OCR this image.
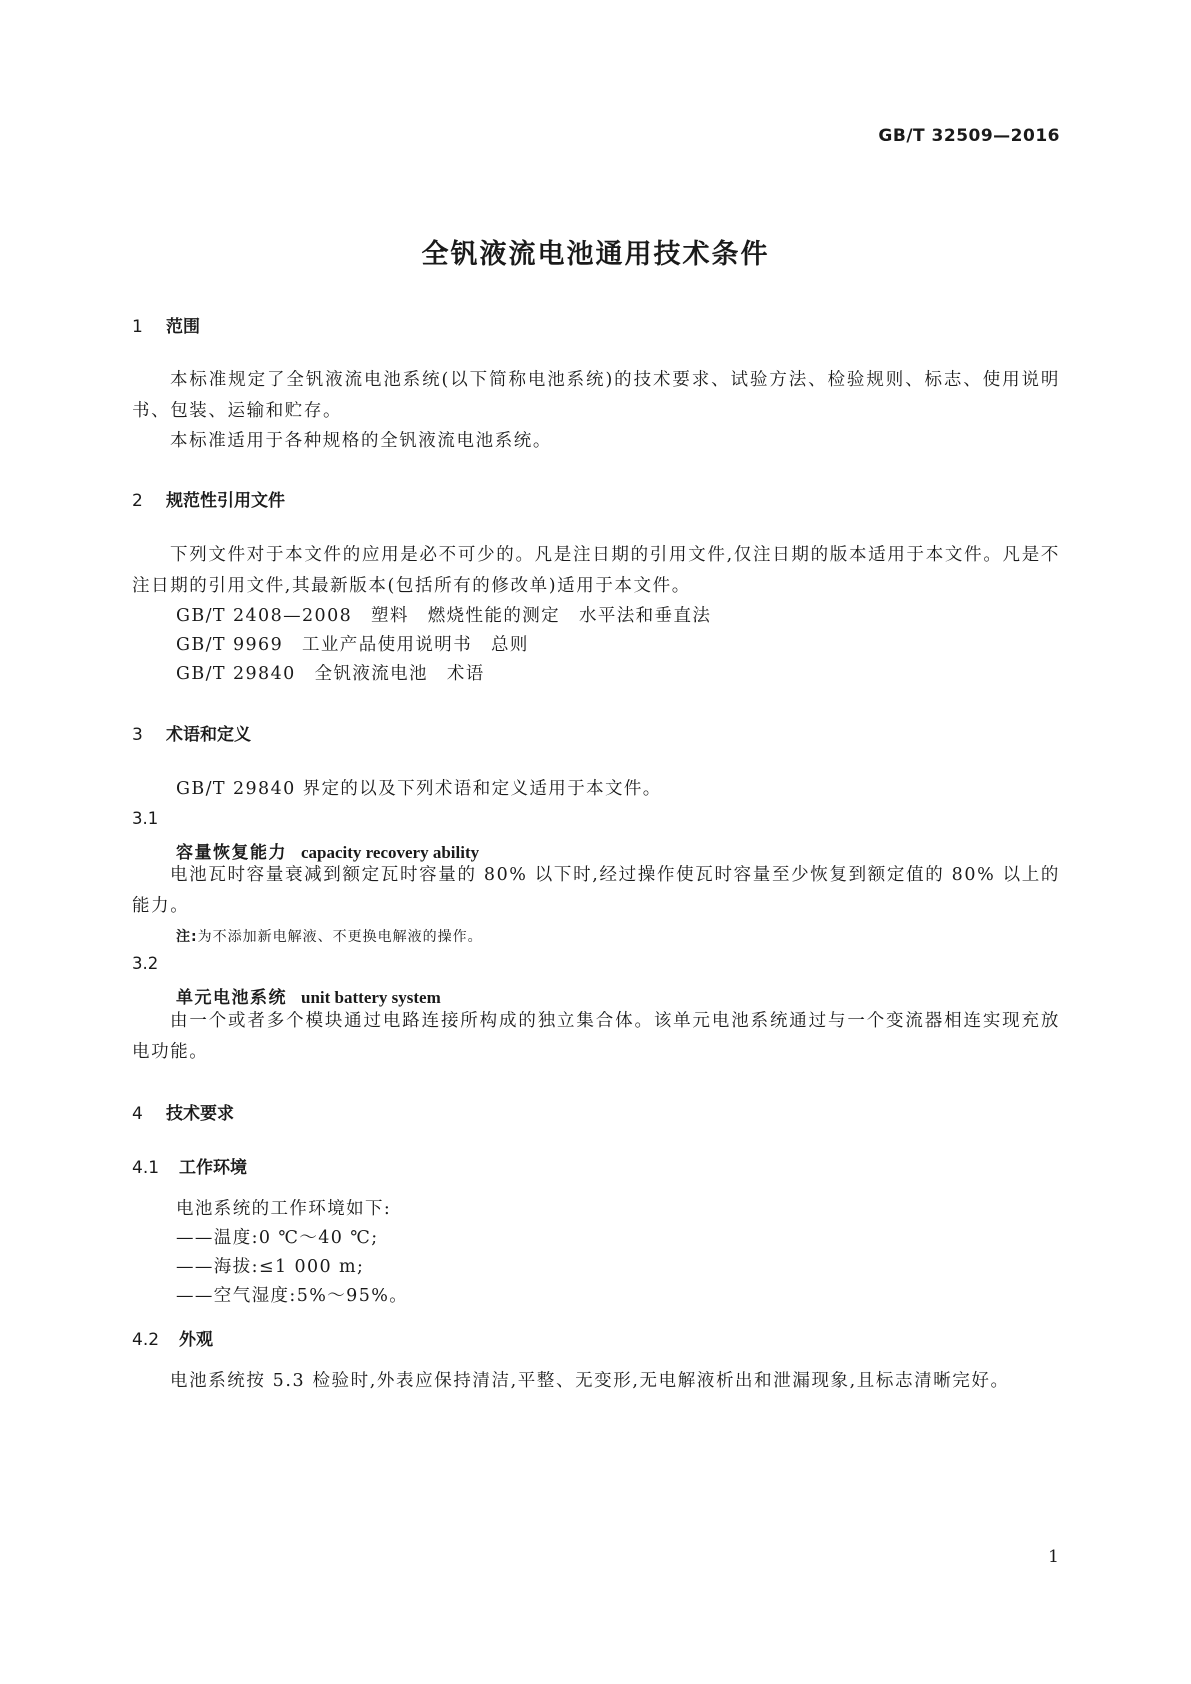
GB/T 32509—2016
全钒液流电池通用技术条件
1 范围
本标准规定了全钒液流电池系统(以下简称电池系统)的技术要求、试验方法、检验规则、标志、使用说明书、包装、运输和贮存。
本标准适用于各种规格的全钒液流电池系统。
2 规范性引用文件
下列文件对于本文件的应用是必不可少的。凡是注日期的引用文件,仅注日期的版本适用于本文件。凡是不注日期的引用文件,其最新版本(包括所有的修改单)适用于本文件。
GB/T 2408—2008　塑料　燃烧性能的测定　水平法和垂直法
GB/T 9969　工业产品使用说明书　总则
GB/T 29840　全钒液流电池　术语
3 术语和定义
GB/T 29840 界定的以及下列术语和定义适用于本文件。
3.1
容量恢复能力 capacity recovery ability
电池瓦时容量衰减到额定瓦时容量的 80% 以下时,经过操作使瓦时容量至少恢复到额定值的 80% 以上的能力。
注:为不添加新电解液、不更换电解液的操作。
3.2
单元电池系统 unit battery system
由一个或者多个模块通过电路连接所构成的独立集合体。该单元电池系统通过与一个变流器相连实现充放电功能。
4 技术要求
4.1 工作环境
电池系统的工作环境如下:
——温度:0 ℃～40 ℃;
——海拔:≤1 000 m;
——空气湿度:5%～95%。
4.2 外观
电池系统按 5.3 检验时,外表应保持清洁,平整、无变形,无电解液析出和泄漏现象,且标志清晰完好。
1
